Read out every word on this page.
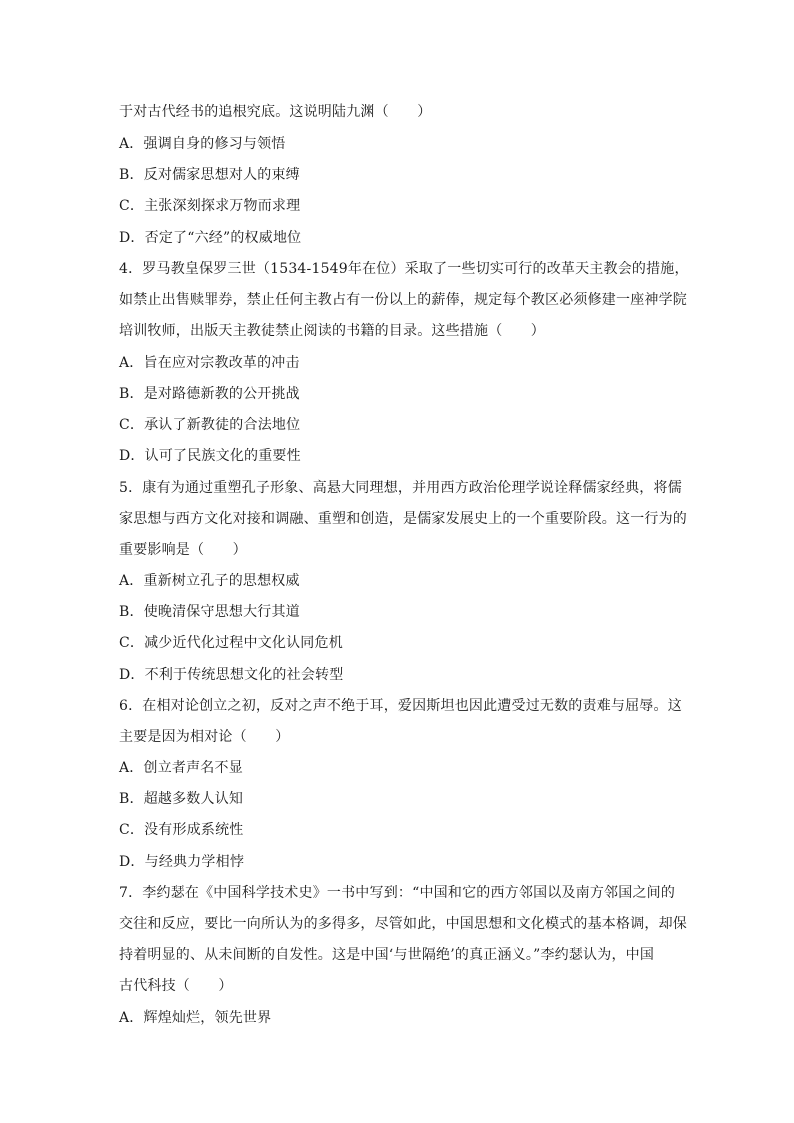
于对古代经书的追根究底。这说明陆九渊（　　）
A．强调自身的修习与领悟
B．反对儒家思想对人的束缚
C．主张深刻探求万物而求理
D．否定了“六经”的权威地位
4．罗马教皇保罗三世（1534-1549年在位）采取了一些切实可行的改革天主教会的措施，
如禁止出售赎罪券，禁止任何主教占有一份以上的薪俸，规定每个教区必须修建一座神学院
培训牧师，出版天主教徒禁止阅读的书籍的目录。这些措施（　　）
A．旨在应对宗教改革的冲击
B．是对路德新教的公开挑战
C．承认了新教徒的合法地位
D．认可了民族文化的重要性
5．康有为通过重塑孔子形象、高悬大同理想，并用西方政治伦理学说诠释儒家经典，将儒
家思想与西方文化对接和调融、重塑和创造，是儒家发展史上的一个重要阶段。这一行为的
重要影响是（　　）
A．重新树立孔子的思想权威
B．使晚清保守思想大行其道
C．减少近代化过程中文化认同危机
D．不利于传统思想文化的社会转型
6．在相对论创立之初，反对之声不绝于耳，爱因斯坦也因此遭受过无数的责难与屈辱。这
主要是因为相对论（　　）
A．创立者声名不显
B．超越多数人认知
C．没有形成系统性
D．与经典力学相悖
7．李约瑟在《中国科学技术史》一书中写到：“中国和它的西方邻国以及南方邻国之间的
交往和反应，要比一向所认为的多得多，尽管如此，中国思想和文化模式的基本格调，却保
持着明显的、从未间断的自发性。这是中国‘与世隔绝’的真正涵义。”李约瑟认为，中国
古代科技（　　）
A．辉煌灿烂，领先世界
